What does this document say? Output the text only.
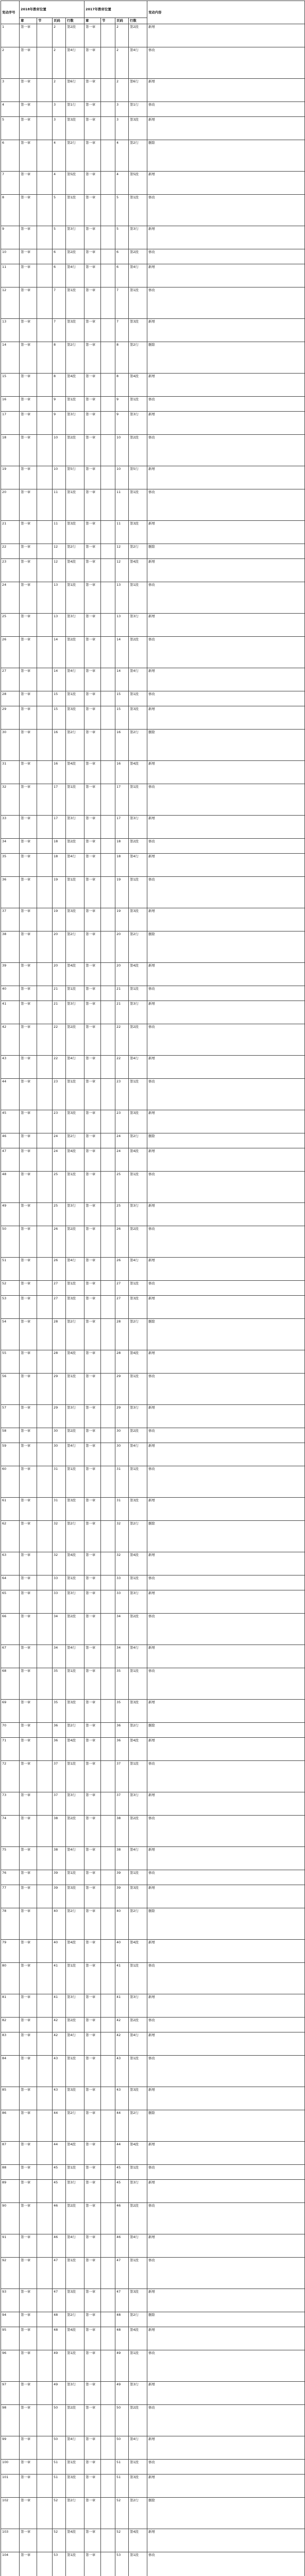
变动序号	2018年教材位置				2017年教材位置				变动内容
	章	节	页码	行数	章	节	页码	行数	
1	第一章		2	第2段	第一章		2	第2段	新增
2	第一章		2	第4行	第一章		2	第4行	修改
3	第一章		2	第6行	第一章		2	第6行	新增
4	第一章		3	第1行	第一章		3	第1行	修改
5	第一章		3	第3段	第一章		3	第3段	新增
6	第一章		4	第2行	第一章		4	第2行	删除
7	第一章		4	第5段	第一章		4	第5段	新增
8	第一章		5	第1段	第一章		5	第1段	修改
9	第一章		5	第3行	第一章		5	第3行	新增
10	第一章		6	第2段	第一章		6	第2段	修改
11	第一章		6	第4行	第一章		6	第4行	新增
12	第一章		7	第1段	第一章		7	第1段	修改
13	第一章		7	第3段	第一章		7	第3段	新增
14	第一章		8	第2行	第一章		8	第2行	删除
15	第一章		8	第4段	第一章		8	第4段	新增
16	第一章		9	第1段	第一章		9	第1段	修改
17	第一章		9	第3行	第一章		9	第3行	新增
18	第一章		10	第2段	第一章		10	第2段	修改
19	第一章		10	第5行	第一章		10	第5行	新增
20	第一章		11	第1段	第一章		11	第1段	修改
21	第一章		11	第3段	第一章		11	第3段	新增
22	第一章		12	第2行	第一章		12	第2行	删除
23	第一章		12	第4段	第一章		12	第4段	新增
24	第一章		13	第1段	第一章		13	第1段	修改
25	第一章		13	第3行	第一章		13	第3行	新增
26	第一章		14	第2段	第一章		14	第2段	修改
27	第一章		14	第4行	第一章		14	第4行	新增
28	第一章		15	第1段	第一章		15	第1段	修改
29	第一章		15	第3段	第一章		15	第3段	新增
30	第一章		16	第2行	第一章		16	第2行	删除
31	第一章		16	第4段	第一章		16	第4段	新增
32	第一章		17	第1段	第一章		17	第1段	修改
33	第一章		17	第3行	第一章		17	第3行	新增
34	第一章		18	第2段	第一章		18	第2段	修改
35	第一章		18	第4行	第一章		18	第4行	新增
36	第一章		19	第1段	第一章		19	第1段	修改
37	第一章		19	第3段	第一章		19	第3段	新增
38	第一章		20	第2行	第一章		20	第2行	删除
39	第一章		20	第4段	第一章		20	第4段	新增
40	第一章		21	第1段	第一章		21	第1段	修改
41	第一章		21	第3行	第一章		21	第3行	新增
42	第一章		22	第2段	第一章		22	第2段	修改
43	第一章		22	第4行	第一章		22	第4行	新增
44	第一章		23	第1段	第一章		23	第1段	修改
45	第一章		23	第3段	第一章		23	第3段	新增
46	第一章		24	第2行	第一章		24	第2行	删除
47	第一章		24	第4段	第一章		24	第4段	新增
48	第一章		25	第1段	第一章		25	第1段	修改
49	第一章		25	第3行	第一章		25	第3行	新增
50	第一章		26	第2段	第一章		26	第2段	修改
51	第一章		26	第4行	第一章		26	第4行	新增
52	第一章		27	第1段	第一章		27	第1段	修改
53	第一章		27	第3段	第一章		27	第3段	新增
54	第一章		28	第2行	第一章		28	第2行	删除
55	第一章		28	第4段	第一章		28	第4段	新增
56	第一章		29	第1段	第一章		29	第1段	修改
57	第一章		29	第3行	第一章		29	第3行	新增
58	第一章		30	第2段	第一章		30	第2段	修改
59	第一章		30	第4行	第一章		30	第4行	新增
60	第一章		31	第1段	第一章		31	第1段	修改
61	第一章		31	第3段	第一章		31	第3段	新增
62	第一章		32	第2行	第一章		32	第2行	删除
63	第一章		32	第4段	第一章		32	第4段	新增
64	第一章		33	第1段	第一章		33	第1段	修改
65	第一章		33	第3行	第一章		33	第3行	新增
66	第一章		34	第2段	第一章		34	第2段	修改
67	第一章		34	第4行	第一章		34	第4行	新增
68	第一章		35	第1段	第一章		35	第1段	修改
69	第一章		35	第3段	第一章		35	第3段	新增
70	第一章		36	第2行	第一章		36	第2行	删除
71	第一章		36	第4段	第一章		36	第4段	新增
72	第一章		37	第1段	第一章		37	第1段	修改
73	第一章		37	第3行	第一章		37	第3行	新增
74	第一章		38	第2段	第一章		38	第2段	修改
75	第一章		38	第4行	第一章		38	第4行	新增
76	第一章		39	第1段	第一章		39	第1段	修改
77	第一章		39	第3段	第一章		39	第3段	新增
78	第一章		40	第2行	第一章		40	第2行	删除
79	第一章		40	第4段	第一章		40	第4段	新增
80	第一章		41	第1段	第一章		41	第1段	修改
81	第一章		41	第3行	第一章		41	第3行	新增
82	第一章		42	第2段	第一章		42	第2段	修改
83	第一章		42	第4行	第一章		42	第4行	新增
84	第一章		43	第1段	第一章		43	第1段	修改
85	第一章		43	第3段	第一章		43	第3段	新增
86	第一章		44	第2行	第一章		44	第2行	删除
87	第一章		44	第4段	第一章		44	第4段	新增
88	第一章		45	第1段	第一章		45	第1段	修改
89	第一章		45	第3行	第一章		45	第3行	新增
90	第一章		46	第2段	第一章		46	第2段	修改
91	第一章		46	第4行	第一章		46	第4行	新增
92	第一章		47	第1段	第一章		47	第1段	修改
93	第一章		47	第3段	第一章		47	第3段	新增
94	第一章		48	第2行	第一章		48	第2行	删除
95	第一章		48	第4段	第一章		48	第4段	新增
96	第一章		49	第1段	第一章		49	第1段	修改
97	第一章		49	第3行	第一章		49	第3行	新增
98	第一章		50	第2段	第一章		50	第2段	修改
99	第一章		50	第4行	第一章		50	第4行	新增
100	第一章		51	第1段	第一章		51	第1段	修改
101	第一章		51	第3段	第一章		51	第3段	新增
102	第一章		52	第2行	第一章		52	第2行	删除
103	第一章		52	第4段	第一章		52	第4段	新增
104	第一章		53	第1段	第一章		53	第1段	修改
